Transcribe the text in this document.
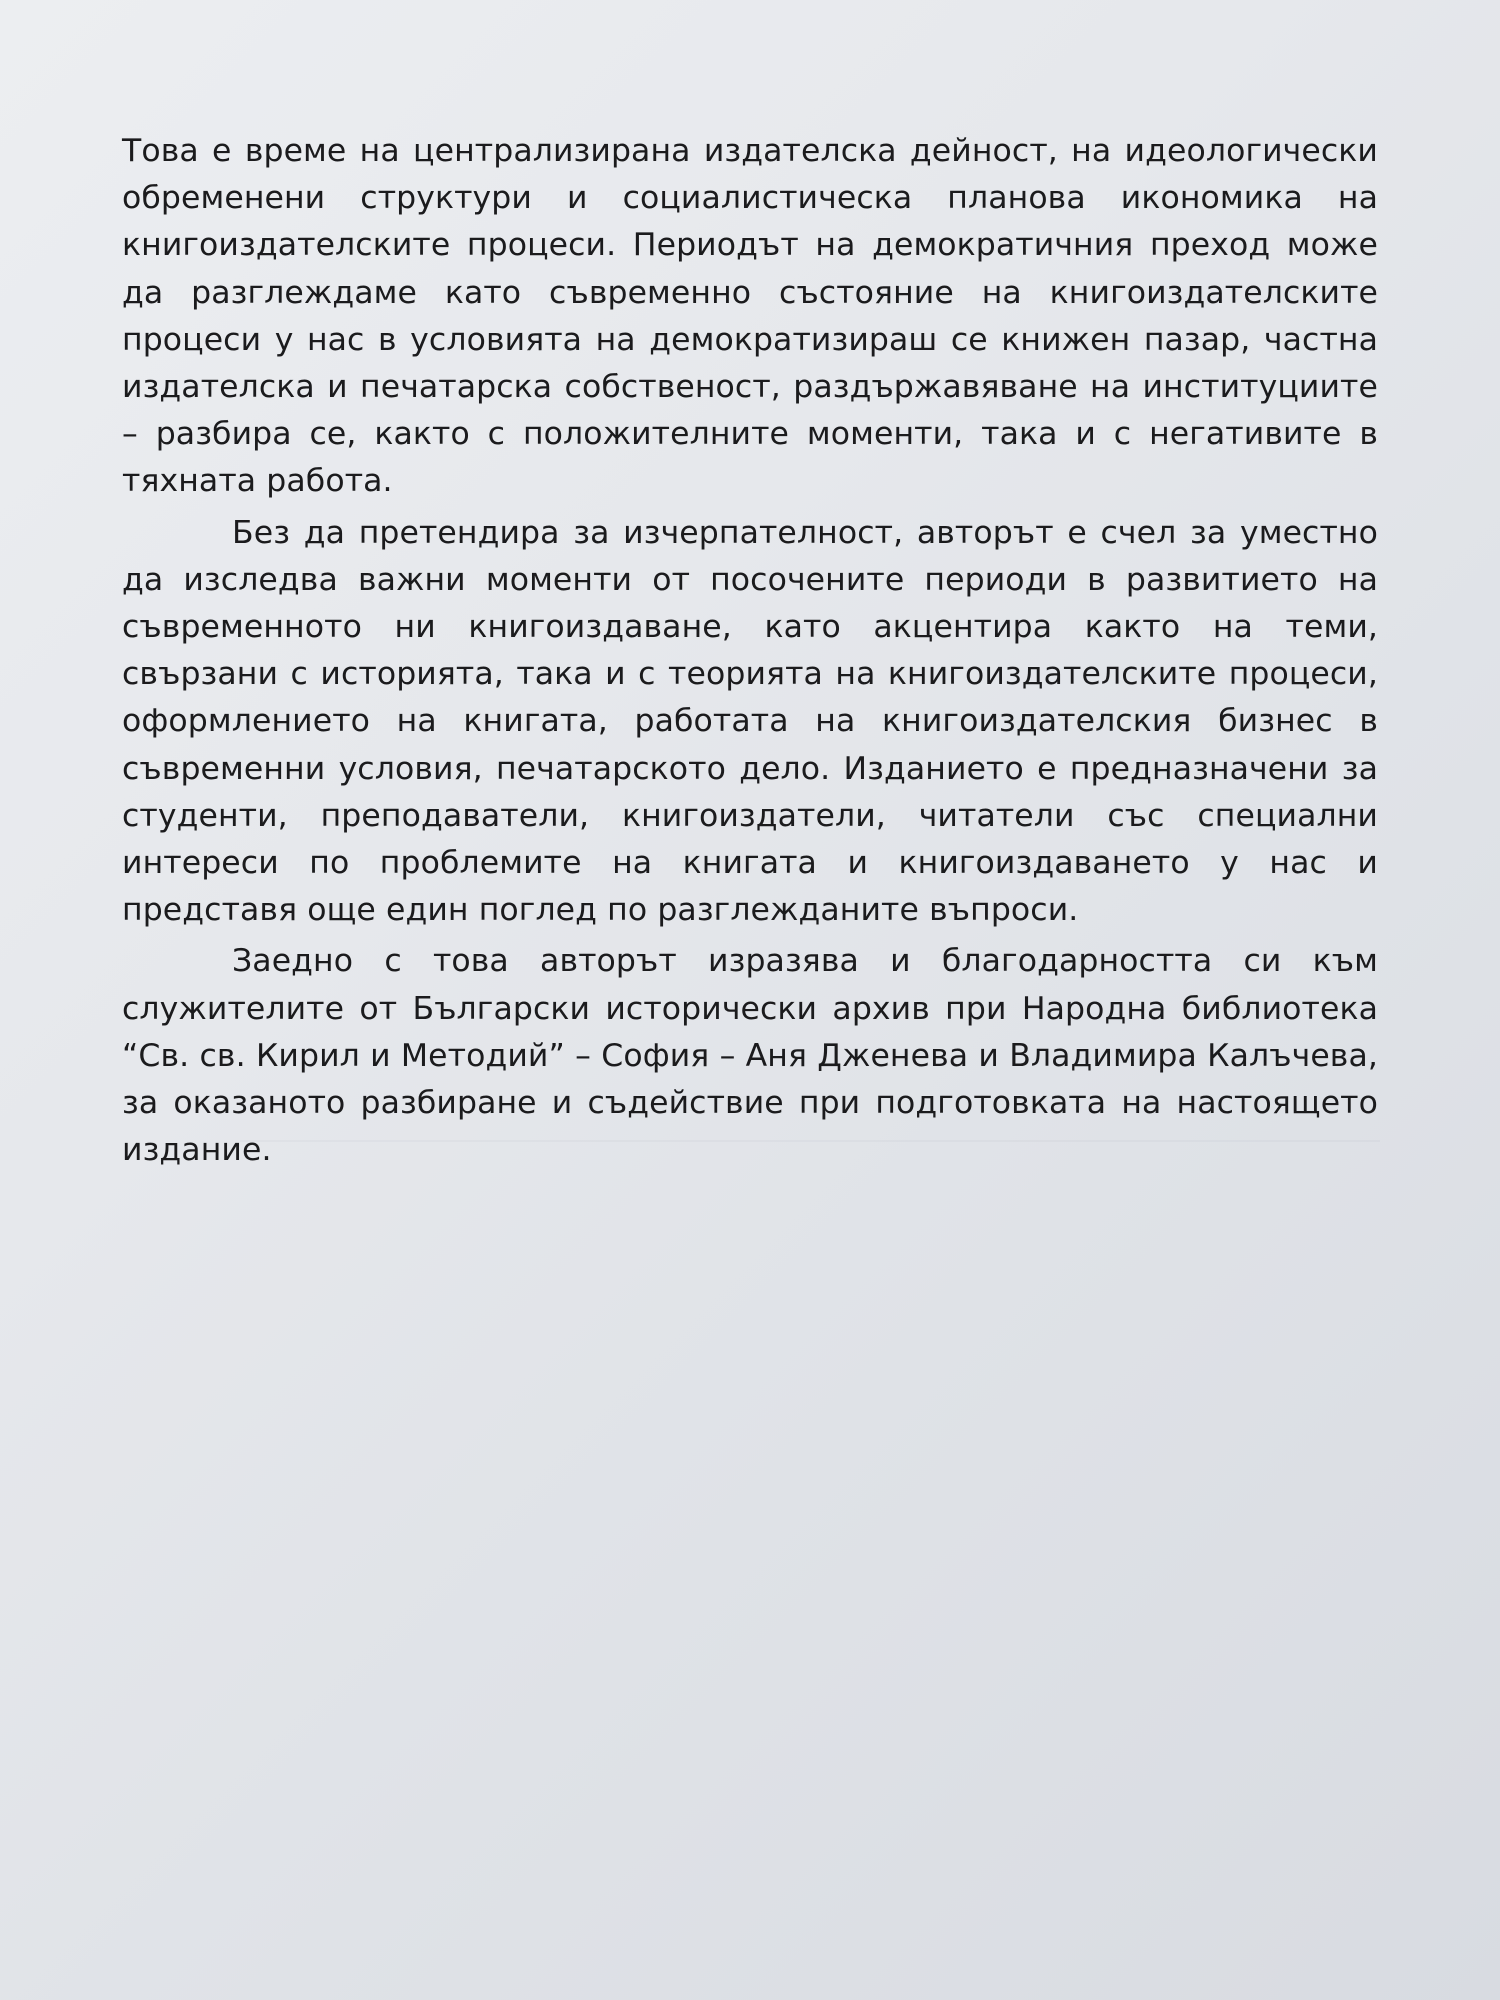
Това е време на централизирана издателска дейност, на идеологически обременени структури и социалистическа планова икономика на книгоиздателските процеси. Периодът на демократичния преход може да разглеждаме като съвременно състояние на книгоиздателските процеси у нас в условията на демократизираш се книжен пазар, частна издателска и печатарска собственост, раздържавяване на институциите – разбира се, както с положителните моменти, така и с негативите в тяхната работа.

Без да претендира за изчерпателност, авторът е счел за уместно да изследва важни моменти от посочените периоди в развитието на съвременното ни книгоиздаване, като акцентира както на теми, свързани с историята, така и с теорията на книгоиздателските процеси, оформлението на книгата, работата на книгоиздателския бизнес в съвременни условия, печатарското дело. Изданието е предназначени за студенти, преподаватели, книгоиздатели, читатели със специални интереси по проблемите на книгата и книгоиздаването у нас и представя още един поглед по разглежданите въпроси.

Заедно с това авторът изразява и благодарността си към служителите от Български исторически архив при Народна библиотека “Св. св. Кирил и Методий” – София – Аня Дженева и Владимира Калъчева, за оказаното разбиране и съдействие при подготовката на настоящето издание.
